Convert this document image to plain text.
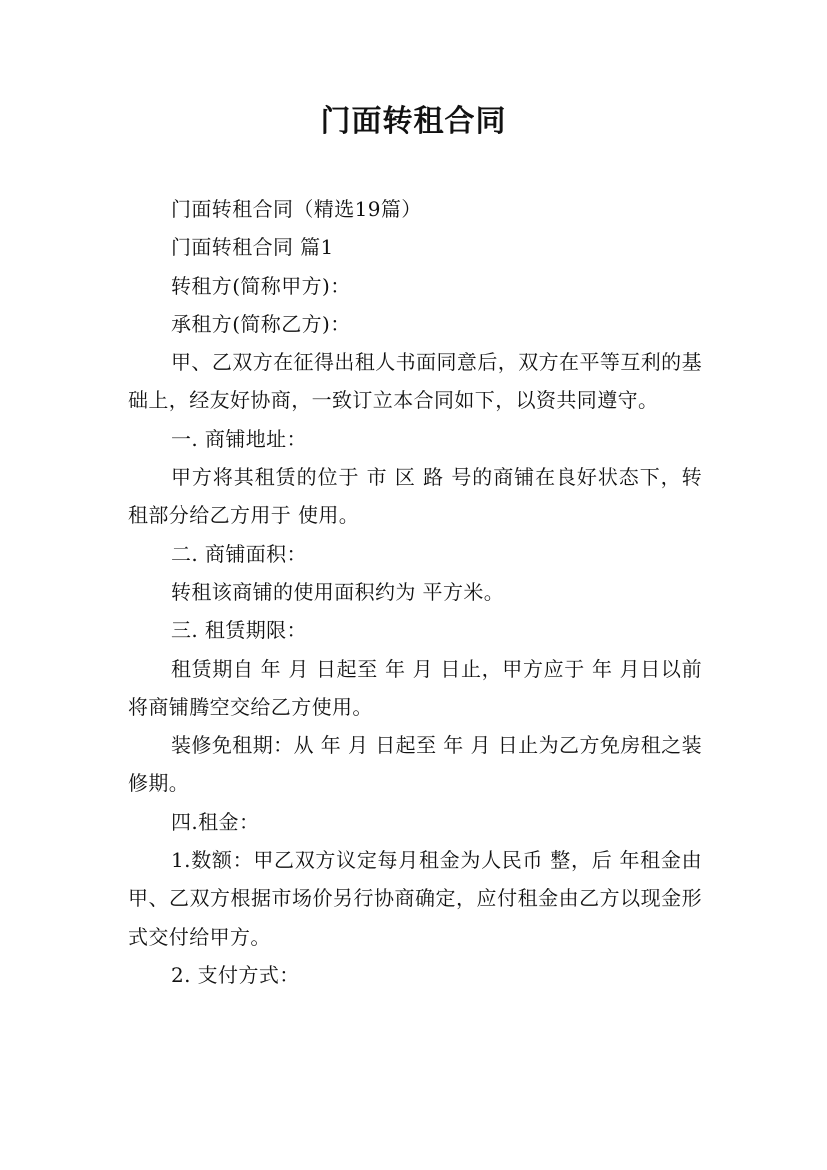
门面转租合同

门面转租合同（精选19篇）

门面转租合同 篇1

转租方(简称甲方)：

承租方(简称乙方)：

甲、乙双方在征得出租人书面同意后，双方在平等互利的基础上，经友好协商，一致订立本合同如下，以资共同遵守。

一. 商铺地址：

甲方将其租赁的位于 市 区 路 号的商铺在良好状态下，转租部分给乙方用于 使用。

二. 商铺面积：

转租该商铺的使用面积约为 平方米。

三. 租赁期限：

租赁期自 年 月 日起至 年 月 日止，甲方应于 年 月日以前将商铺腾空交给乙方使用。

装修免租期：从 年 月 日起至 年 月 日止为乙方免房租之装修期。

四.租金：

1.数额：甲乙双方议定每月租金为人民币 整，后 年租金由甲、乙双方根据市场价另行协商确定，应付租金由乙方以现金形式交付给甲方。

2. 支付方式：
